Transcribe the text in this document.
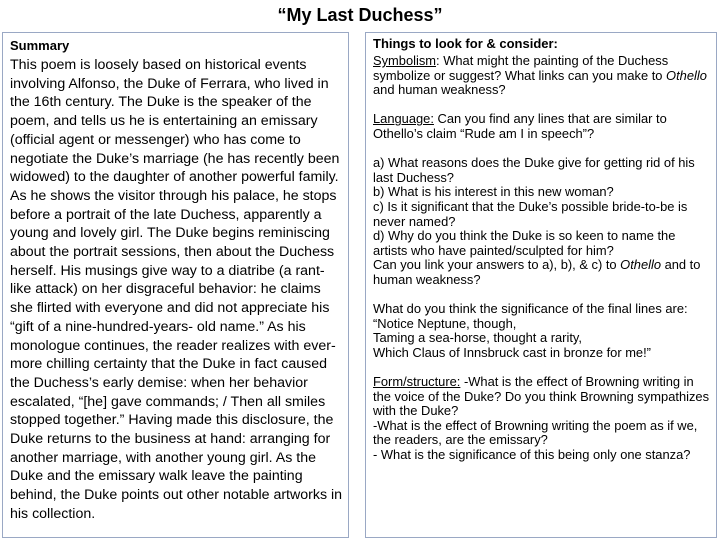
“My Last Duchess”
Summary

This poem is loosely based on historical events involving Alfonso, the Duke of Ferrara, who lived in the 16th century. The Duke is the speaker of the poem, and tells us he is entertaining an emissary (official agent or messenger) who has come to negotiate the Duke’s marriage (he has recently been widowed) to the daughter of another powerful family. As he shows the visitor through his palace, he stops before a portrait of the late Duchess, apparently a young and lovely girl. The Duke begins reminiscing about the portrait sessions, then about the Duchess herself. His musings give way to a diatribe (a rant-like attack) on her disgraceful behavior: he claims she flirted with everyone and did not appreciate his “gift of a nine-hundred-years- old name.” As his monologue continues, the reader realizes with ever-more chilling certainty that the Duke in fact caused the Duchess’s early demise: when her behavior escalated, “[he] gave commands; / Then all smiles stopped together.” Having made this disclosure, the Duke returns to the business at hand: arranging for another marriage, with another young girl. As the Duke and the emissary walk leave the painting behind, the Duke points out other notable artworks in his collection.

Things to look for & consider:

Symbolism: What might the painting of the Duchess symbolize or suggest? What links can you make to Othello and human weakness?

Language: Can you find any lines that are similar to Othello’s claim “Rude am I in speech”?

a) What reasons does the Duke give for getting rid of his last Duchess?

b) What is his interest in this new woman?

c) Is it significant that the Duke’s possible bride-to-be is never named?

d) Why do you think the Duke is so keen to name the artists who have painted/sculpted for him?

Can you link your answers to a), b), & c) to Othello and to human weakness?

What do you think the significance of the final lines are:

“Notice Neptune, though,

Taming a sea-horse, thought a rarity,

Which Claus of Innsbruck cast in bronze for me!”

Form/structure: -What is the effect of Browning writing in the voice of the Duke? Do you think Browning sympathizes with the Duke?

-What is the effect of Browning writing the poem as if we, the readers, are the emissary?

- What is the significance of this being only one stanza?
